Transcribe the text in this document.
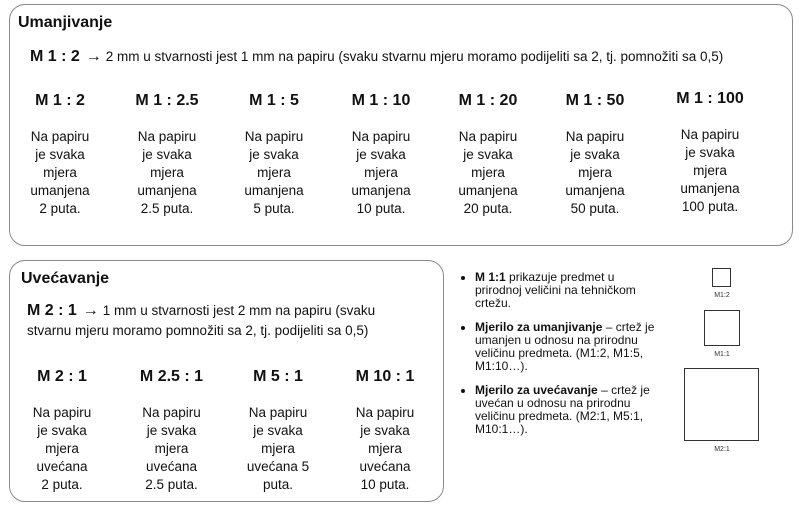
Umanjivanje
M 1 : 2 → 2 mm u stvarnosti jest 1 mm na papiru (svaku stvarnu mjeru moramo podijeliti sa 2, tj. pomnožiti sa 0,5)
M 1 : 2
Na papiru
je svaka
mjera
umanjena
2 puta.
M 1 : 2.5
Na papiru
je svaka
mjera
umanjena
2.5 puta.
M 1 : 5
Na papiru
je svaka
mjera
umanjena
5 puta.
M 1 : 10
Na papiru
je svaka
mjera
umanjena
10 puta.
M 1 : 20
Na papiru
je svaka
mjera
umanjena
20 puta.
M 1 : 50
Na papiru
je svaka
mjera
umanjena
50 puta.
M 1 : 100
Na papiru
je svaka
mjera
umanjena
100 puta.
Uvećavanje
M 2 : 1 → 1 mm u stvarnosti jest 2 mm na papiru (svaku
stvarnu mjeru moramo pomnožiti sa 2, tj. podijeliti sa 0,5)
M 2 : 1
Na papiru
je svaka
mjera
uvećana
2 puta.
M 2.5 : 1
Na papiru
je svaka
mjera
uvećana
2.5 puta.
M 5 : 1
Na papiru
je svaka
mjera
uvećana 5
puta.
M 10 : 1
Na papiru
je svaka
mjera
uvećana
10 puta.
• M 1:1 prikazuje predmet u prirodnoj veličini na tehničkom crtežu.
• Mjerilo za umanjivanje – crtež je umanjen u odnosu na prirodnu veličinu predmeta. (M1:2, M1:5, M1:10…).
• Mjerilo za uvećavanje – crtež je uvećan u odnosu na prirodnu veličinu predmeta. (M2:1, M5:1, M10:1…).
M1:2
M1:1
M2:1
